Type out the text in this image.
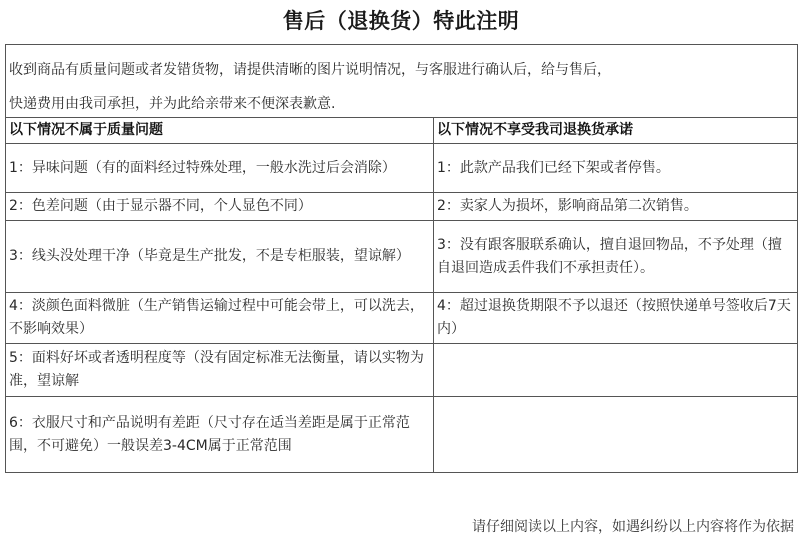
售后（退换货）特此注明

收到商品有质量问题或者发错货物，请提供清晰的图片说明情况，与客服进行确认后，给与售后，

快递费用由我司承担，并为此给亲带来不便深表歉意.	

以下情况不属于质量问题	以下情况不享受我司退换货承诺
1：异味问题（有的面料经过特殊处理，一般水洗过后会消除）	1：此款产品我们已经下架或者停售。
2：色差问题（由于显示器不同，个人显色不同）	2：卖家人为损坏，影响商品第二次销售。
3：线头没处理干净（毕竟是生产批发，不是专柜服装，望谅解）	3：没有跟客服联系确认，擅自退回物品，不予处理（擅自退回造成丢件我们不承担责任）。
4：淡颜色面料微脏（生产销售运输过程中可能会带上，可以洗去，不影响效果）	4：超过退换货期限不予以退还（按照快递单号签收后7天内）
5：面料好坏或者透明程度等（没有固定标准无法衡量，请以实物为准，望谅解	
6：衣服尺寸和产品说明有差距（尺寸存在适当差距是属于正常范围，不可避免）一般误差3-4CM属于正常范围	
请仔细阅读以上内容，如遇纠纷以上内容将作为依据
